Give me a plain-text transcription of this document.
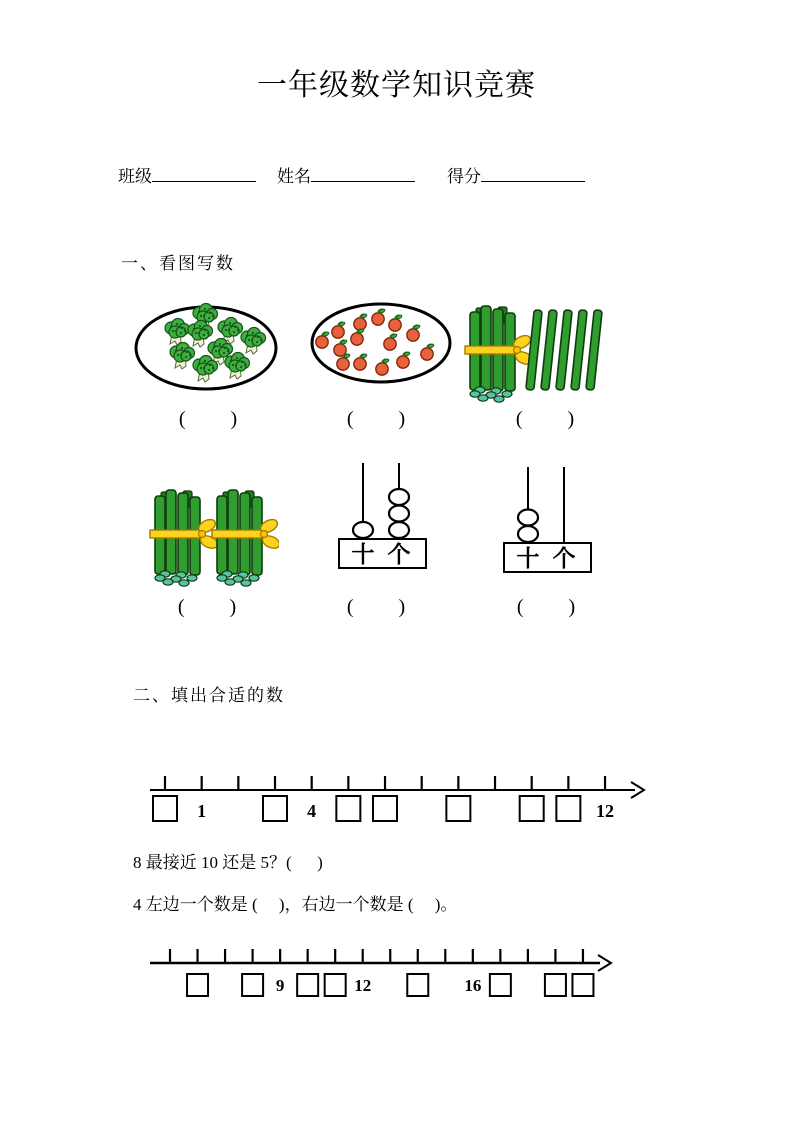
一年级数学知识竞赛
班级	姓名	得分
一、看图写数
十 个	十 个
(         )	(         )	(         )
(         )	(         )	(         )
二、填出合适的数
1	4	12
8 最接近 10 还是 5？(      )
4 左边一个数是 (     )，右边一个数是 (     )。
9	12	16
